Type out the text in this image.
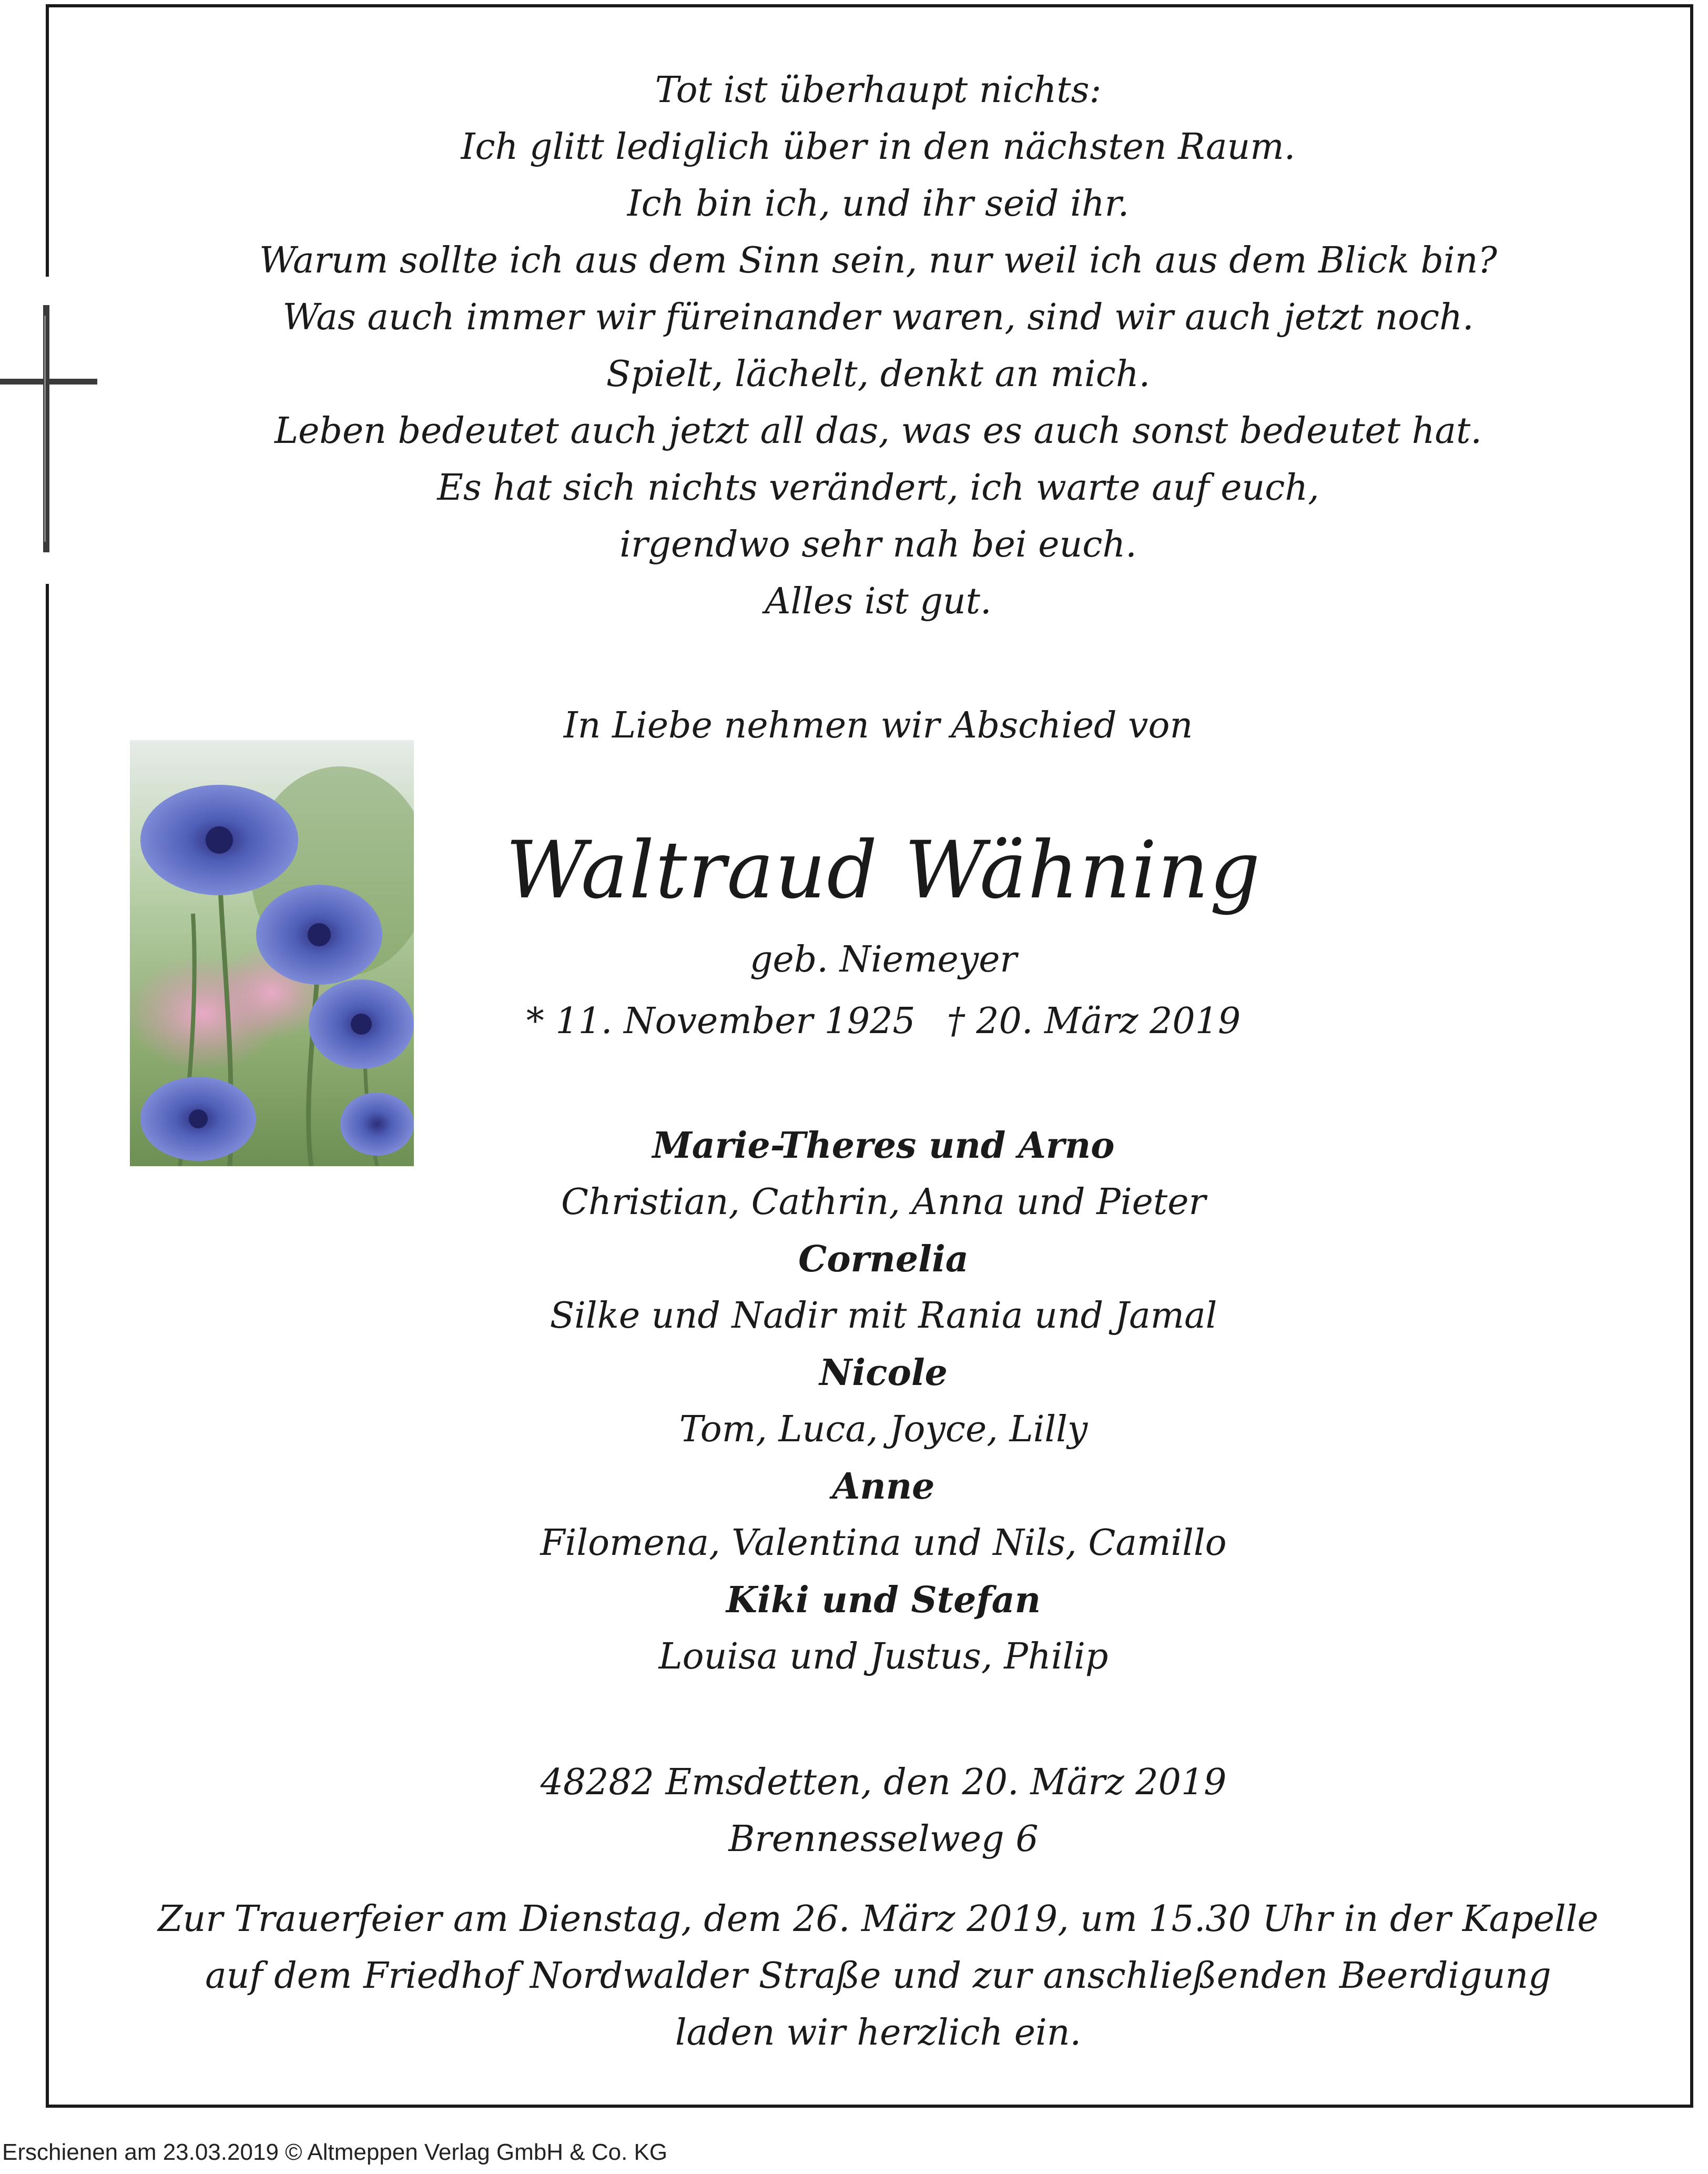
Tot ist überhaupt nichts:
Ich glitt lediglich über in den nächsten Raum.
Ich bin ich, und ihr seid ihr.
Warum sollte ich aus dem Sinn sein, nur weil ich aus dem Blick bin?
Was auch immer wir füreinander waren, sind wir auch jetzt noch.
Spielt, lächelt, denkt an mich.
Leben bedeutet auch jetzt all das, was es auch sonst bedeutet hat.
Es hat sich nichts verändert, ich warte auf euch,
irgendwo sehr nah bei euch.
Alles ist gut.
In Liebe nehmen wir Abschied von
Waltraud Wähning
geb. Niemeyer
* 11. November 1925 † 20. März 2019
Marie-Theres und Arno
Christian, Cathrin, Anna und Pieter
Cornelia
Silke und Nadir mit Rania und Jamal
Nicole
Tom, Luca, Joyce, Lilly
Anne
Filomena, Valentina und Nils, Camillo
Kiki und Stefan
Louisa und Justus, Philip
48282 Emsdetten, den 20. März 2019
Brennesselweg 6
Zur Trauerfeier am Dienstag, dem 26. März 2019, um 15.30 Uhr in der Kapelle
auf dem Friedhof Nordwalder Straße und zur anschließenden Beerdigung
laden wir herzlich ein.
Erschienen am 23.03.2019 © Altmeppen Verlag GmbH & Co. KG
